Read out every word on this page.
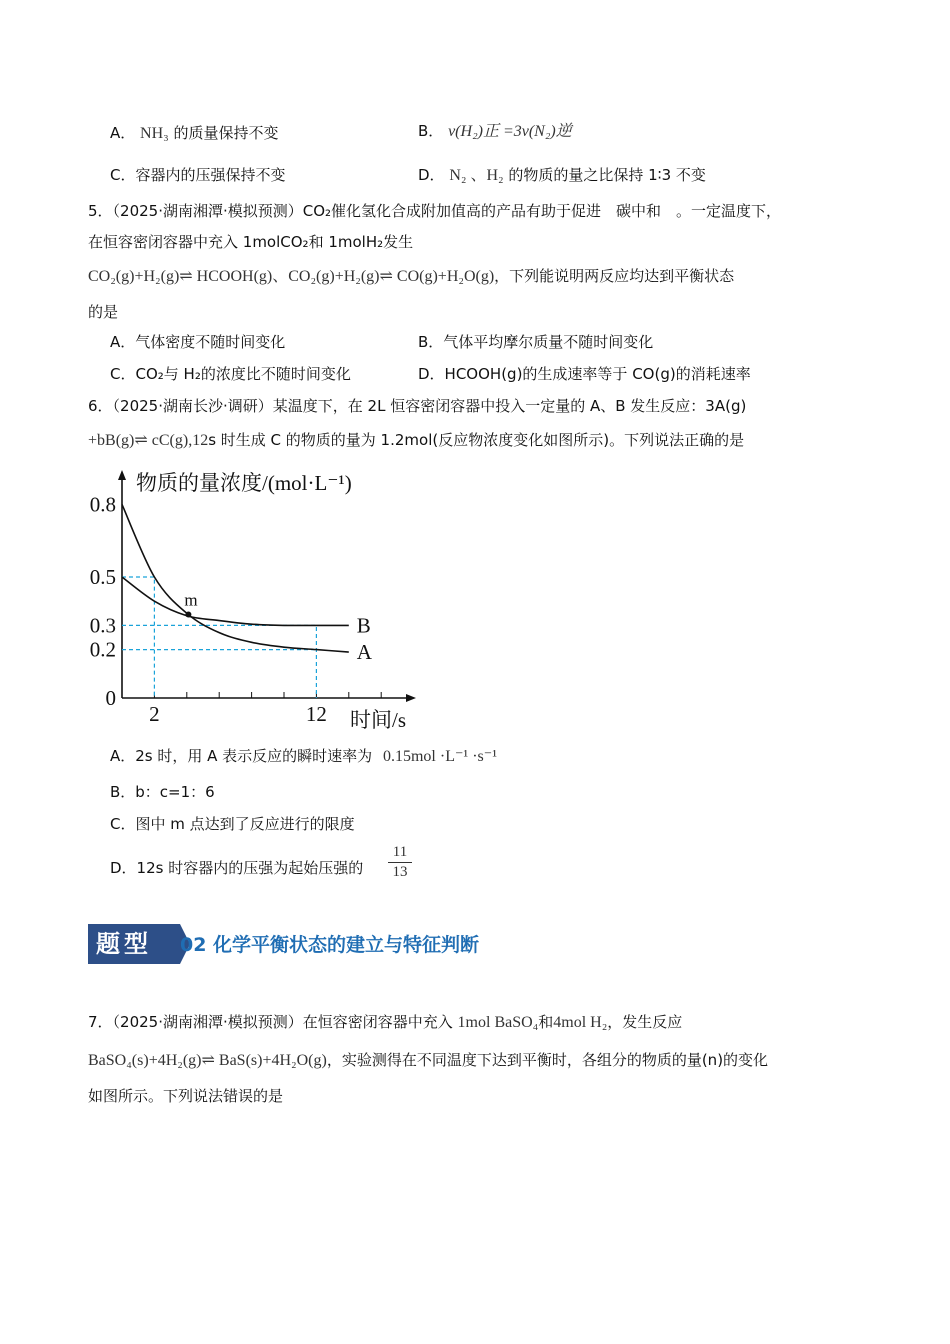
A． NH₃ 的质量保持不变	B． v(H₂)正 =3v(N₂)逆
C．容器内的压强保持不变	D． N₂ 、H₂ 的物质的量之比保持 1∶3 不变
5．（2025·湖南湘潭·模拟预测）CO₂催化氢化合成附加值高的产品有助于促进　碳中和　。一定温度下，
在恒容密闭容器中充入 1molCO₂和 1molH₂发生
CO₂(g)+H₂(g)⇌ HCOOH(g)、CO₂(g)+H₂(g)⇌ CO(g)+H₂O(g)，下列能说明两反应均达到平衡状态
的是
A．气体密度不随时间变化	B．气体平均摩尔质量不随时间变化
C．CO₂与 H₂的浓度比不随时间变化	D．HCOOH(g)的生成速率等于 CO(g)的消耗速率
6．（2025·湖南长沙·调研）某温度下，在 2L 恒容密闭容器中投入一定量的 A、B 发生反应：3A(g)
+bB(g)⇌ cC(g),12s 时生成 C 的物质的量为 1.2mol(反应物浓度变化如图所示)。下列说法正确的是
0.8
0.5
0.3
0.2
0
2	12 时间/s
物质的量浓度/(mol·L⁻¹)
A
B
m
A．2s 时，用 A 表示反应的瞬时速率为 0.15mol ·L⁻¹ ·s⁻¹
B．b：c=1：6
C．图中 m 点达到了反应进行的限度
D．12s 时容器内的压强为起始压强的
11
13
题型 02 化学平衡状态的建立与特征判断
7．（2025·湖南湘潭·模拟预测）在恒容密闭容器中充入 1mol BaSO₄和4mol H₂，发生反应
BaSO₄(s)+4H₂(g)⇌ BaS(s)+4H₂O(g)，实验测得在不同温度下达到平衡时，各组分的物质的量(n)的变化
如图所示。下列说法错误的是
